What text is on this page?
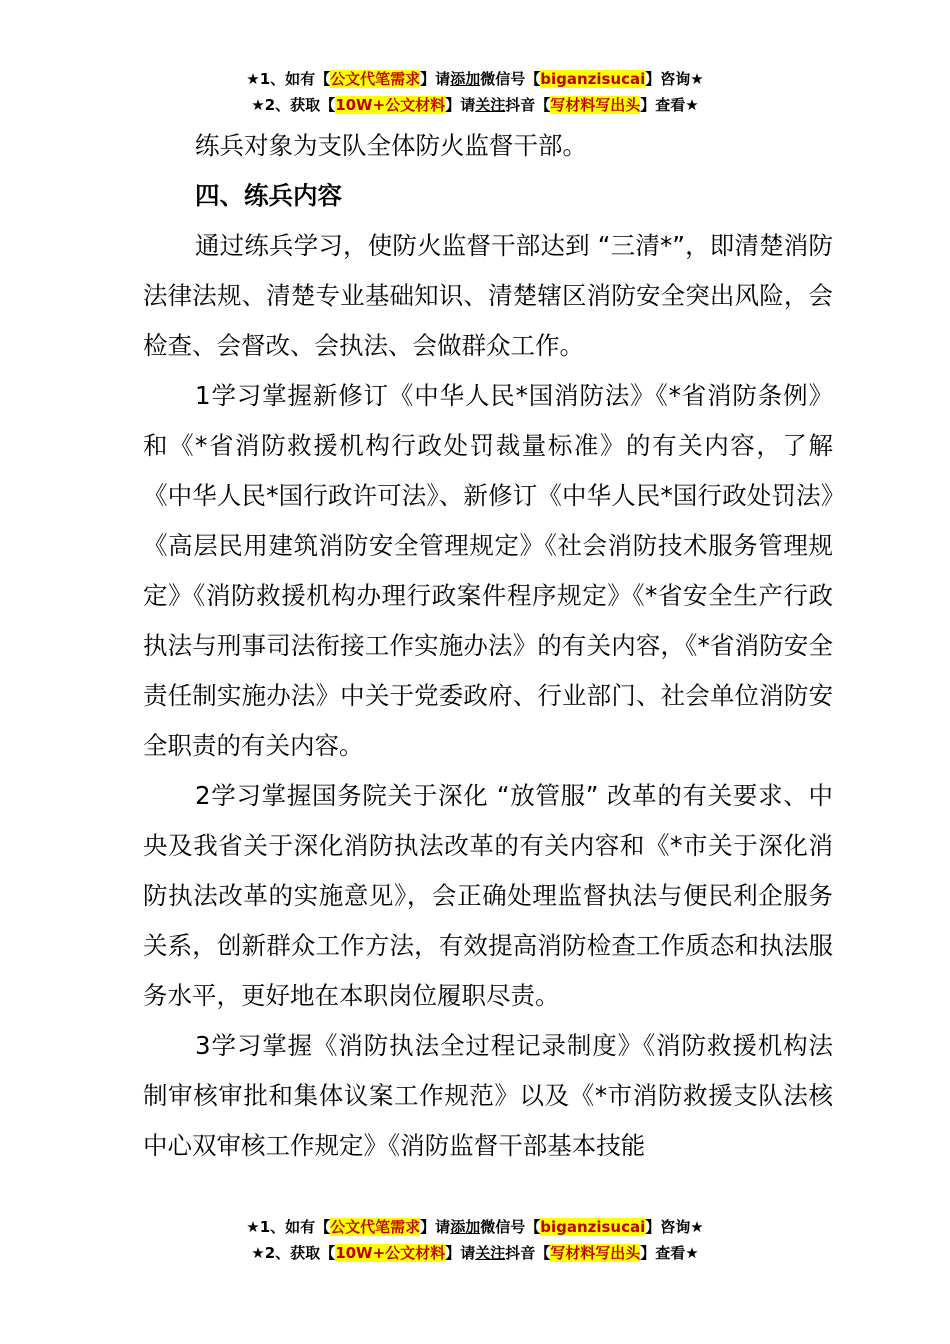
★1、如有【公文代笔需求】请添加微信号【biganzisucai】咨询★
★2、获取【10W+公文材料】请关注抖音【写材料写出头】查看★

练兵对象为支队全体防火监督干部。

四、练兵内容

通过练兵学习，使防火监督干部达到 “三清*”，即清楚消防法律法规、清楚专业基础知识、清楚辖区消防安全突出风险，会检查、会督改、会执法、会做群众工作。

1学习掌握新修订《中华人民*国消防法》《*省消防条例》和《*省消防救援机构行政处罚裁量标准》的有关内容，了解《中华人民*国行政许可法》、新修订《中华人民*国行政处罚法》《高层民用建筑消防安全管理规定》《社会消防技术服务管理规定》《消防救援机构办理行政案件程序规定》《*省安全生产行政执法与刑事司法衔接工作实施办法》的有关内容，《*省消防安全责任制实施办法》中关于党委政府、行业部门、社会单位消防安全职责的有关内容。

2学习掌握国务院关于深化 “放管服” 改革的有关要求、中央及我省关于深化消防执法改革的有关内容和《*市关于深化消防执法改革的实施意见》，会正确处理监督执法与便民利企服务关系，创新群众工作方法，有效提高消防检查工作质态和执法服务水平，更好地在本职岗位履职尽责。

3学习掌握《消防执法全过程记录制度》《消防救援机构法制审核审批和集体议案工作规范》以及《*市消防救援支队法核中心双审核工作规定》《消防监督干部基本技能

★1、如有【公文代笔需求】请添加微信号【biganzisucai】咨询★
★2、获取【10W+公文材料】请关注抖音【写材料写出头】查看★
